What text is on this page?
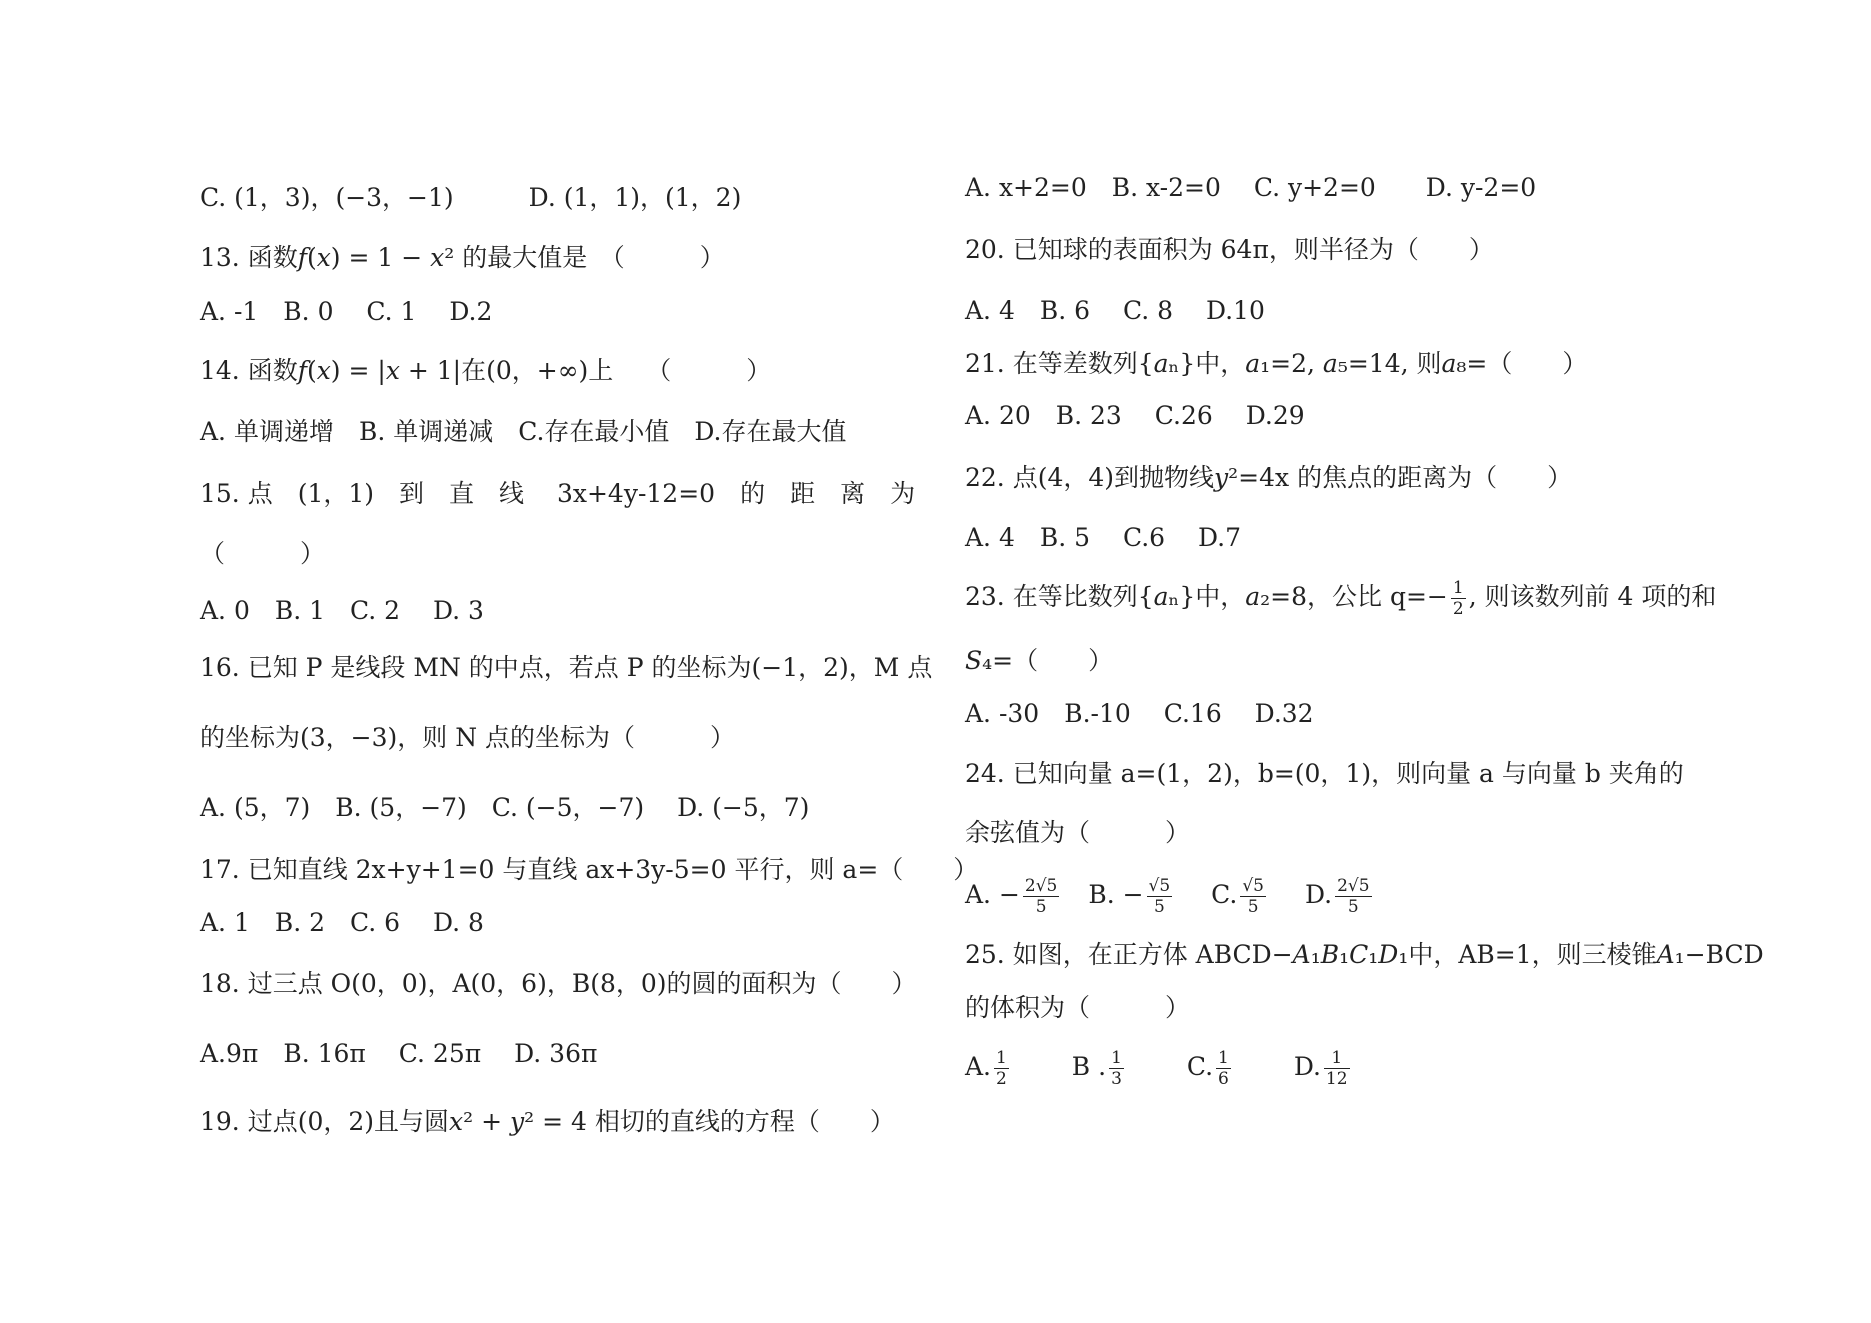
C. (1，3)，(−3，−1)　　　D. (1，1)，(1，2)
13. 函数𝑓(𝑥) = 1 − 𝑥² 的最大值是　（　　　）
A. -1　B. 0　 C. 1　 D.2
14. 函数𝑓(𝑥) = |𝑥 + 1|在(0，+∞)上　 （　　　）
A. 单调递增　B. 单调递减　C.存在最小值　D.存在最大值
15. 点　(1，1)　到　直　线　 3x+4y-12=0　的　距　离　为
（　　　）
A. 0　B. 1　C. 2　 D. 3
16. 已知 P 是线段 MN 的中点，若点 P 的坐标为(−1，2)，M 点
的坐标为(3，−3)，则 N 点的坐标为（　　　）
A. (5，7)　B. (5，−7)　C. (−5，−7)　 D. (−5，7)
17. 已知直线 2x+y+1=0 与直线 ax+3y-5=0 平行，则 a=（　　）
A. 1　B. 2　C. 6　 D. 8
18. 过三点 O(0，0)，A(0，6)，B(8，0)的圆的面积为（　　）
A.9π　B. 16π　 C. 25π　 D. 36π
19. 过点(0，2)且与圆𝑥² + 𝑦² = 4 相切的直线的方程（　　）
A. x+2=0　B. x-2=0　 C. y+2=0　　D. y-2=0
20. 已知球的表面积为 64π，则半径为（　　）
A. 4　B. 6　 C. 8　 D.10
21. 在等差数列{𝑎ₙ}中，𝑎₁=2, 𝑎₅=14, 则𝑎₈=（　　）
A. 20　B. 23　 C.26　 D.29
22. 点(4，4)到抛物线𝑦²=4x 的焦点的距离为（　　）
A. 4　B. 5　 C.6　 D.7
23. 在等比数列{𝑎ₙ}中，𝑎₂=8，公比 $q=- \frac{1}{2}$ , 则该数列前 4 项的和
𝑆₄=（　　）
A. -30　B.-10　 C.16　 D.32
24. 已知向量 a=(1，2)，b=(0，1)，则向量 a 与向量 b 夹角的
余弦值为（　　　）
A. − $\frac{2√5}{5} B$. − $\frac{√5}{5} C$. $\frac{√5}{5} D$. $\frac{2√5}{5}$
25. 如图，在正方体 ABCD−𝐴₁𝐵₁𝐶₁𝐷₁中，AB=1，则三棱锥𝐴₁−BCD
的体积为（　　　）
A. $\frac{1}{2}$	B . $\frac{1}{3}$	C. $\frac{1}{6}$	D. $\frac{1}{12}$
